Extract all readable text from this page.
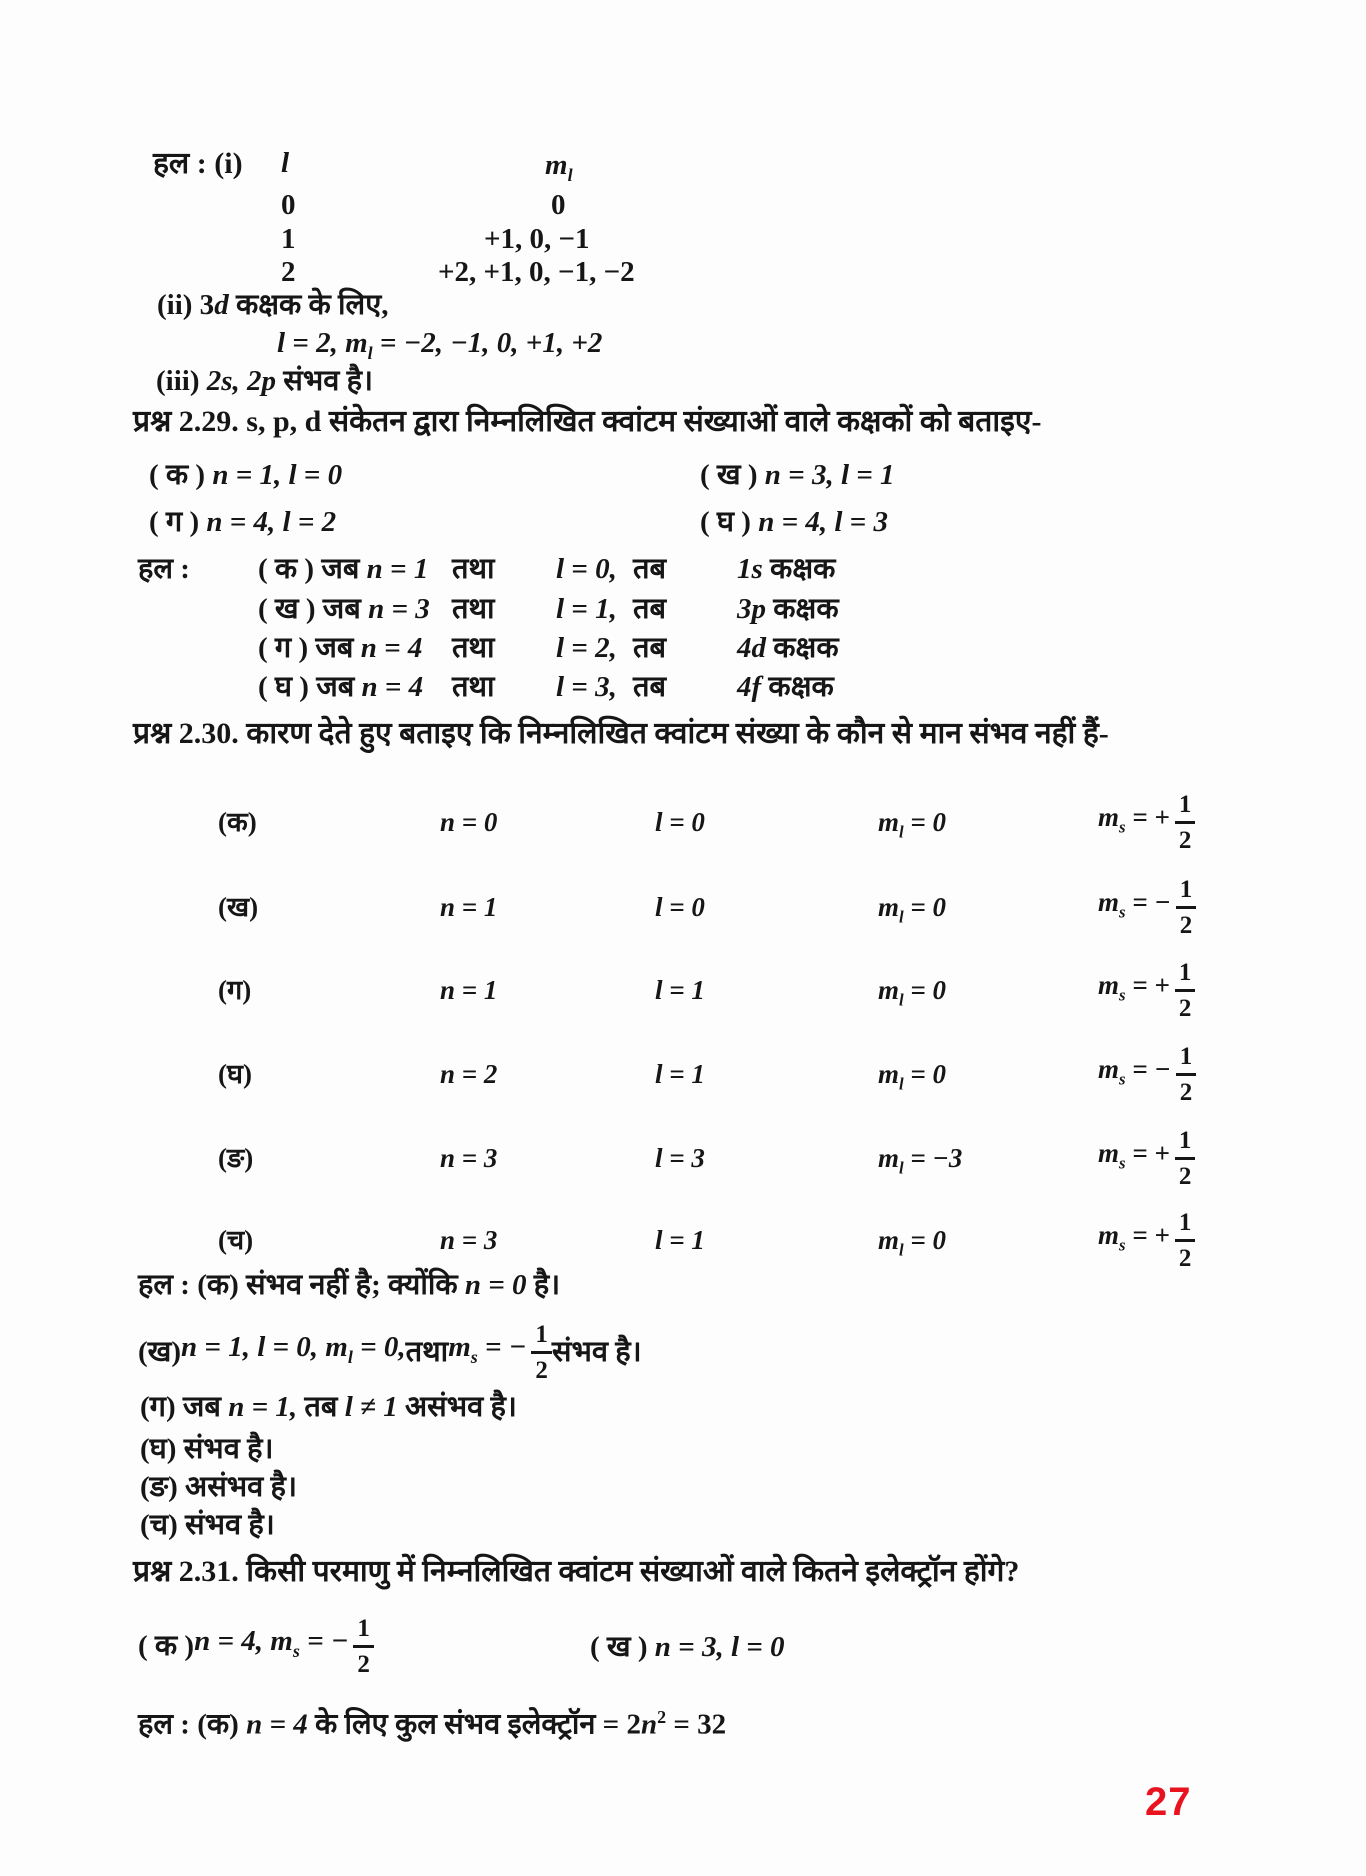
हल : (i) l	$m_l$
0	0
1	+1, 0, −1
2	+2, +1, 0, −1, −2
(ii) 3d कक्षक के लिए,
l = 2, $m_l = -2$, −1, 0, +1, +2
(iii) 2s, 2p संभव है।
प्रश्न 2.29. s, p, d संकेतन द्वारा निम्नलिखित क्वांटम संख्याओं वाले कक्षकों को बताइए-
( क ) n = 1, l = 0	( ख ) n = 3, l = 1
( ग ) n = 4, l = 2	( घ ) n = 4, l = 3
हल : ( क ) जब n = 1 तथा l = 0, तब 1s कक्षक
( ख ) जब n = 3 तथा l = 1, तब 3p कक्षक
( ग ) जब n = 4 तथा l = 2, तब 4d कक्षक
( घ ) जब n = 4 तथा l = 3, तब 4f कक्षक
प्रश्न 2.30. कारण देते हुए बताइए कि निम्नलिखित क्वांटम संख्या के कौन से मान संभव नहीं हैं-
(क)	n = 0	l = 0	$m_l = 0$	$m_s$ = + $\frac{1}{2}$
(ख)	n = 1	l = 0	$m_l = 0$	$m_s$ = − $\frac{1}{2}$
(ग)	n = 1	l = 1	$m_l = 0$	$m_s$ = + $\frac{1}{2}$
(घ)	n = 2	l = 1	$m_l = 0$	$m_s$ = − $\frac{1}{2}$
(ङ)	n = 3	l = 3	$m_l = -3$	$m_s$ = + $\frac{1}{2}$
(च)	n = 3	l = 1	$m_l = 0$	$m_s$ = + $\frac{1}{2}$
हल : (क) संभव नहीं है; क्योंकि n = 0 है।
(ख) n = 1, l = 0, $m_l = 0$, तथा $m_s$ = − $\frac{1}{2}$ संभव है।
(ग) जब n = 1, तब l ≠ 1 असंभव है।
(घ) संभव है।
(ङ) असंभव है।
(च) संभव है।
प्रश्न 2.31. किसी परमाणु में निम्नलिखित क्वांटम संख्याओं वाले कितने इलेक्ट्रॉन होंगे?
( क ) n = 4, $m_s$ = − $\frac{1}{2}$	( ख ) n = 3, l = 0
हल : (क) n = 4 के लिए कुल संभव इलेक्ट्रॉन = $2n^2 = 32$
27
